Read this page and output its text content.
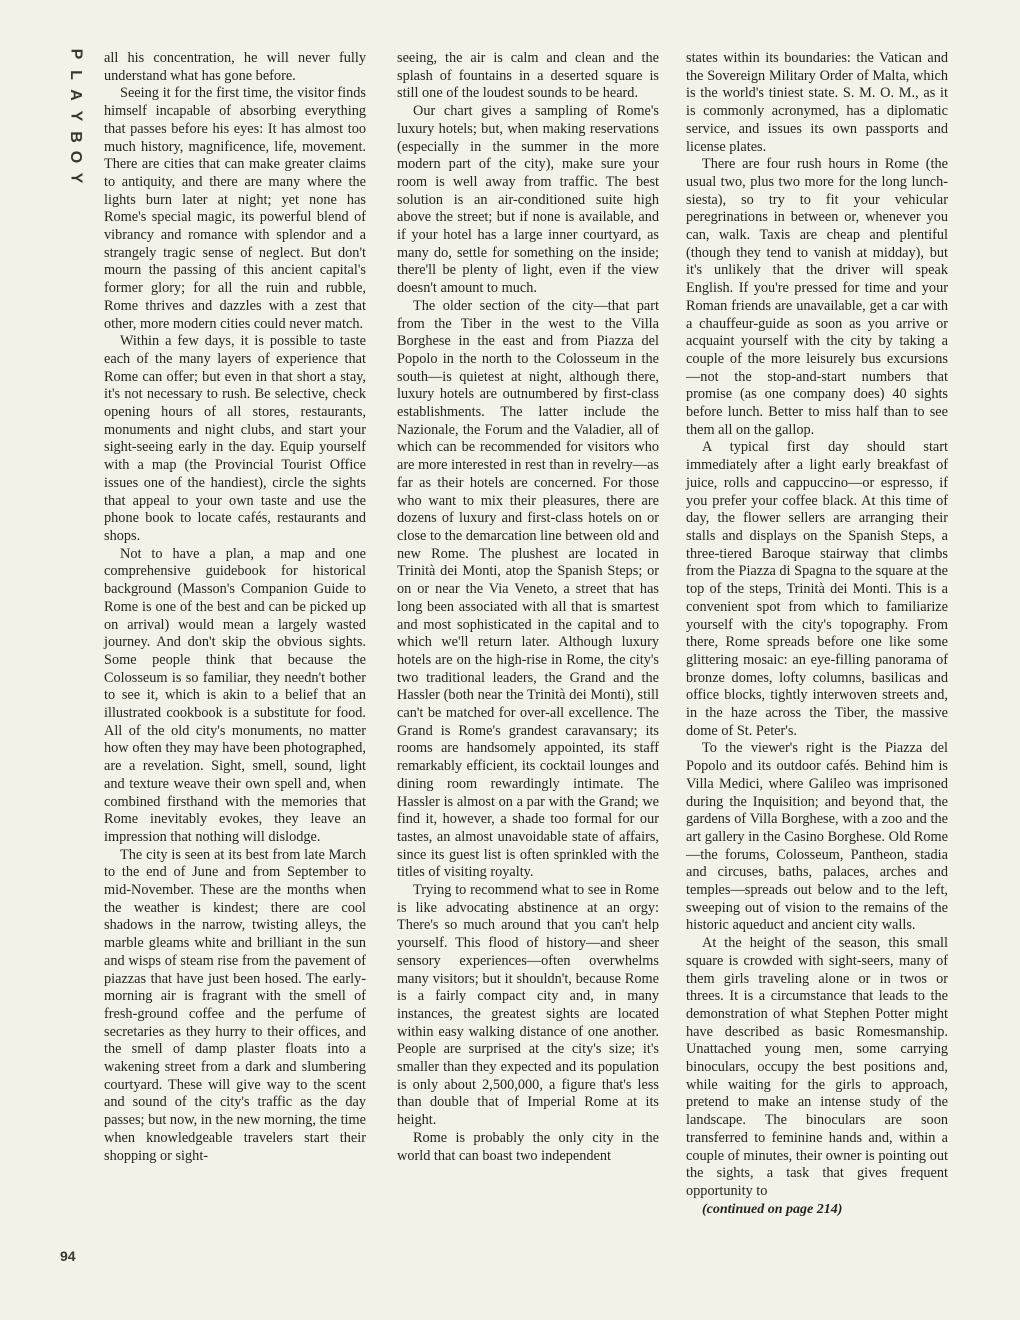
P
L
A
Y
B
O
Y

all his concentration, he will never fully understand what has gone before.

Seeing it for the first time, the visitor finds himself incapable of absorbing everything that passes before his eyes: It has almost too much history, magnificence, life, movement. There are cities that can make greater claims to antiquity, and there are many where the lights burn later at night; yet none has Rome's special magic, its powerful blend of vibrancy and romance with splendor and a strangely tragic sense of neglect. But don't mourn the passing of this ancient capital's former glory; for all the ruin and rubble, Rome thrives and dazzles with a zest that other, more modern cities could never match.

Within a few days, it is possible to taste each of the many layers of experience that Rome can offer; but even in that short a stay, it's not necessary to rush. Be selective, check opening hours of all stores, restaurants, monuments and night clubs, and start your sight-seeing early in the day. Equip yourself with a map (the Provincial Tourist Office issues one of the handiest), circle the sights that appeal to your own taste and use the phone book to locate cafés, restaurants and shops.

Not to have a plan, a map and one comprehensive guidebook for historical background (Masson's Companion Guide to Rome is one of the best and can be picked up on arrival) would mean a largely wasted journey. And don't skip the obvious sights. Some people think that because the Colosseum is so familiar, they needn't bother to see it, which is akin to a belief that an illustrated cookbook is a substitute for food. All of the old city's monuments, no matter how often they may have been photographed, are a revelation. Sight, smell, sound, light and texture weave their own spell and, when combined firsthand with the memories that Rome inevitably evokes, they leave an impression that nothing will dislodge.

The city is seen at its best from late March to the end of June and from September to mid-November. These are the months when the weather is kindest; there are cool shadows in the narrow, twisting alleys, the marble gleams white and brilliant in the sun and wisps of steam rise from the pavement of piazzas that have just been hosed. The early-morning air is fragrant with the smell of fresh-ground coffee and the perfume of secretaries as they hurry to their offices, and the smell of damp plaster floats into a wakening street from a dark and slumbering courtyard. These will give way to the scent and sound of the city's traffic as the day passes; but now, in the new morning, the time when knowledgeable travelers start their shopping or sight-

seeing, the air is calm and clean and the splash of fountains in a deserted square is still one of the loudest sounds to be heard.

Our chart gives a sampling of Rome's luxury hotels; but, when making reservations (especially in the summer in the more modern part of the city), make sure your room is well away from traffic. The best solution is an air-conditioned suite high above the street; but if none is available, and if your hotel has a large inner courtyard, as many do, settle for something on the inside; there'll be plenty of light, even if the view doesn't amount to much.

The older section of the city—that part from the Tiber in the west to the Villa Borghese in the east and from Piazza del Popolo in the north to the Colosseum in the south—is quietest at night, although there, luxury hotels are outnumbered by first-class establishments. The latter include the Nazionale, the Forum and the Valadier, all of which can be recommended for visitors who are more interested in rest than in revelry—as far as their hotels are concerned. For those who want to mix their pleasures, there are dozens of luxury and first-class hotels on or close to the demarcation line between old and new Rome. The plushest are located in Trinità dei Monti, atop the Spanish Steps; or on or near the Via Veneto, a street that has long been associated with all that is smartest and most sophisticated in the capital and to which we'll return later. Although luxury hotels are on the high-rise in Rome, the city's two traditional leaders, the Grand and the Hassler (both near the Trinità dei Monti), still can't be matched for over-all excellence. The Grand is Rome's grandest caravansary; its rooms are handsomely appointed, its staff remarkably efficient, its cocktail lounges and dining room rewardingly intimate. The Hassler is almost on a par with the Grand; we find it, however, a shade too formal for our tastes, an almost unavoidable state of affairs, since its guest list is often sprinkled with the titles of visiting royalty.

Trying to recommend what to see in Rome is like advocating abstinence at an orgy: There's so much around that you can't help yourself. This flood of history—and sheer sensory experiences—often overwhelms many visitors; but it shouldn't, because Rome is a fairly compact city and, in many instances, the greatest sights are located within easy walking distance of one another. People are surprised at the city's size; it's smaller than they expected and its population is only about 2,500,000, a figure that's less than double that of Imperial Rome at its height.

Rome is probably the only city in the world that can boast two independent

states within its boundaries: the Vatican and the Sovereign Military Order of Malta, which is the world's tiniest state. S. M. O. M., as it is commonly acronymed, has a diplomatic service, and issues its own passports and license plates.

There are four rush hours in Rome (the usual two, plus two more for the long lunch-siesta), so try to fit your vehicular peregrinations in between or, whenever you can, walk. Taxis are cheap and plentiful (though they tend to vanish at midday), but it's unlikely that the driver will speak English. If you're pressed for time and your Roman friends are unavailable, get a car with a chauffeur-guide as soon as you arrive or acquaint yourself with the city by taking a couple of the more leisurely bus excursions—not the stop-and-start numbers that promise (as one company does) 40 sights before lunch. Better to miss half than to see them all on the gallop.

A typical first day should start immediately after a light early breakfast of juice, rolls and cappuccino—or espresso, if you prefer your coffee black. At this time of day, the flower sellers are arranging their stalls and displays on the Spanish Steps, a three-tiered Baroque stairway that climbs from the Piazza di Spagna to the square at the top of the steps, Trinità dei Monti. This is a convenient spot from which to familiarize yourself with the city's topography. From there, Rome spreads before one like some glittering mosaic: an eye-filling panorama of bronze domes, lofty columns, basilicas and office blocks, tightly interwoven streets and, in the haze across the Tiber, the massive dome of St. Peter's.

To the viewer's right is the Piazza del Popolo and its outdoor cafés. Behind him is Villa Medici, where Galileo was imprisoned during the Inquisition; and beyond that, the gardens of Villa Borghese, with a zoo and the art gallery in the Casino Borghese. Old Rome—the forums, Colosseum, Pantheon, stadia and circuses, baths, palaces, arches and temples—spreads out below and to the left, sweeping out of vision to the remains of the historic aqueduct and ancient city walls.

At the height of the season, this small square is crowded with sight-seers, many of them girls traveling alone or in twos or threes. It is a circumstance that leads to the demonstration of what Stephen Potter might have described as basic Romesmanship. Unattached young men, some carrying binoculars, occupy the best positions and, while waiting for the girls to approach, pretend to make an intense study of the landscape. The binoculars are soon transferred to feminine hands and, within a couple of minutes, their owner is pointing out the sights, a task that gives frequent opportunity to

(continued on page 214)

94
